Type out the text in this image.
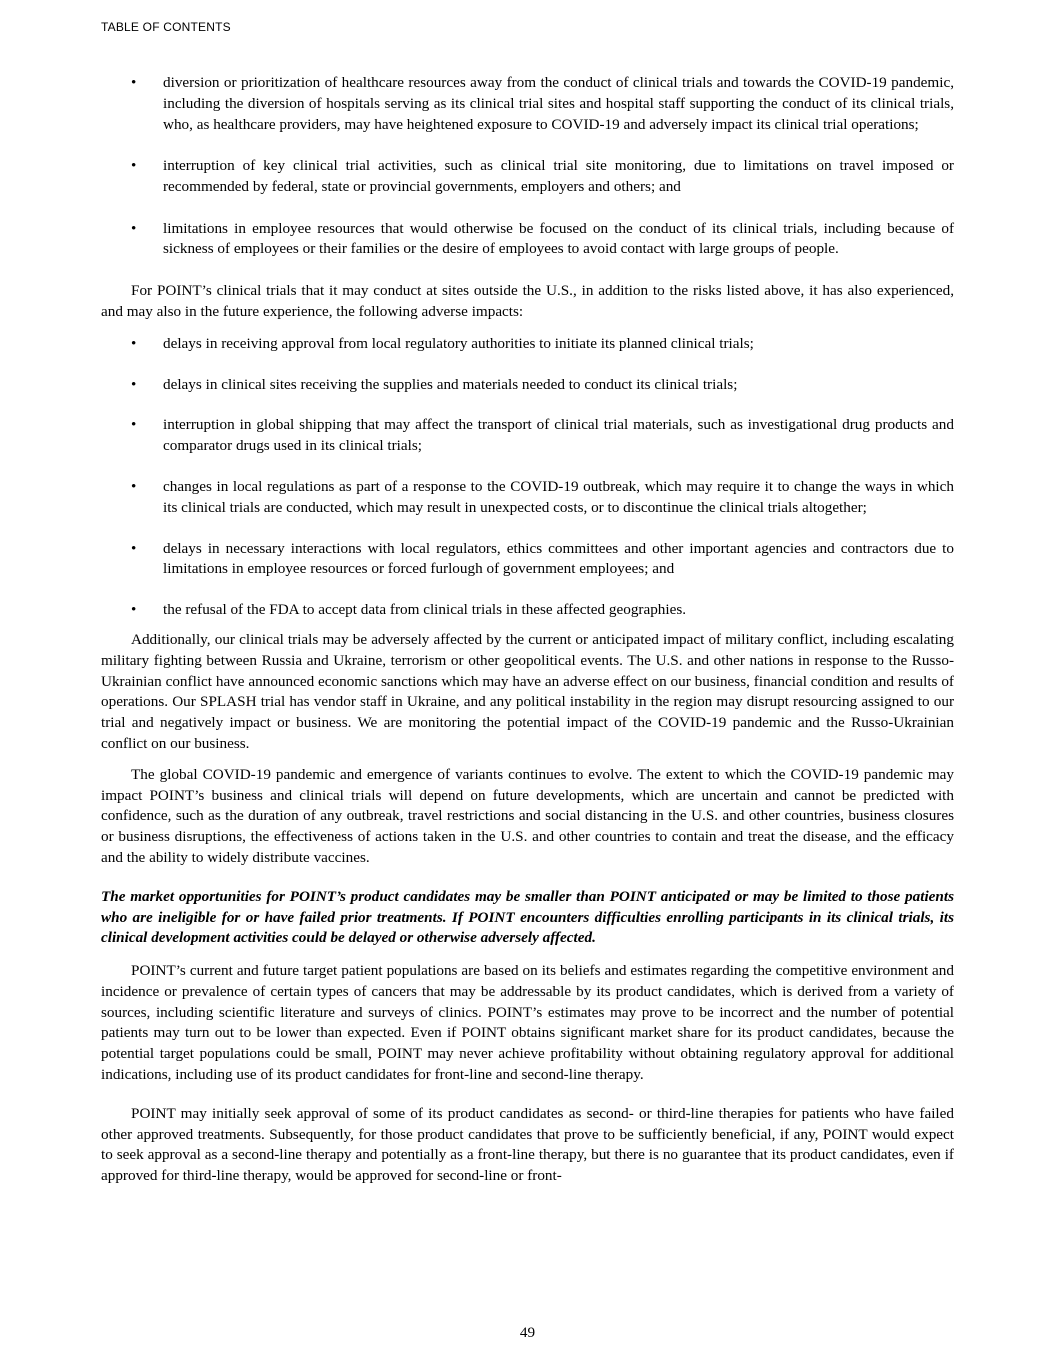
TABLE OF CONTENTS
• diversion or prioritization of healthcare resources away from the conduct of clinical trials and towards the COVID-19 pandemic, including the diversion of hospitals serving as its clinical trial sites and hospital staff supporting the conduct of its clinical trials, who, as healthcare providers, may have heightened exposure to COVID-19 and adversely impact its clinical trial operations;
• interruption of key clinical trial activities, such as clinical trial site monitoring, due to limitations on travel imposed or recommended by federal, state or provincial governments, employers and others; and
• limitations in employee resources that would otherwise be focused on the conduct of its clinical trials, including because of sickness of employees or their families or the desire of employees to avoid contact with large groups of people.

For POINT’s clinical trials that it may conduct at sites outside the U.S., in addition to the risks listed above, it has also experienced, and may also in the future experience, the following adverse impacts:

• delays in receiving approval from local regulatory authorities to initiate its planned clinical trials;
• delays in clinical sites receiving the supplies and materials needed to conduct its clinical trials;
• interruption in global shipping that may affect the transport of clinical trial materials, such as investigational drug products and comparator drugs used in its clinical trials;
• changes in local regulations as part of a response to the COVID-19 outbreak, which may require it to change the ways in which its clinical trials are conducted, which may result in unexpected costs, or to discontinue the clinical trials altogether;
• delays in necessary interactions with local regulators, ethics committees and other important agencies and contractors due to limitations in employee resources or forced furlough of government employees; and
• the refusal of the FDA to accept data from clinical trials in these affected geographies.

Additionally, our clinical trials may be adversely affected by the current or anticipated impact of military conflict, including escalating military fighting between Russia and Ukraine, terrorism or other geopolitical events. The U.S. and other nations in response to the Russo-Ukrainian conflict have announced economic sanctions which may have an adverse effect on our business, financial condition and results of operations. Our SPLASH trial has vendor staff in Ukraine, and any political instability in the region may disrupt resourcing assigned to our trial and negatively impact or business. We are monitoring the potential impact of the COVID-19 pandemic and the Russo-Ukrainian conflict on our business.

The global COVID-19 pandemic and emergence of variants continues to evolve. The extent to which the COVID-19 pandemic may impact POINT’s business and clinical trials will depend on future developments, which are uncertain and cannot be predicted with confidence, such as the duration of any outbreak, travel restrictions and social distancing in the U.S. and other countries, business closures or business disruptions, the effectiveness of actions taken in the U.S. and other countries to contain and treat the disease, and the efficacy and the ability to widely distribute vaccines.

The market opportunities for POINT’s product candidates may be smaller than POINT anticipated or may be limited to those patients who are ineligible for or have failed prior treatments. If POINT encounters difficulties enrolling participants in its clinical trials, its clinical development activities could be delayed or otherwise adversely affected.

POINT’s current and future target patient populations are based on its beliefs and estimates regarding the competitive environment and incidence or prevalence of certain types of cancers that may be addressable by its product candidates, which is derived from a variety of sources, including scientific literature and surveys of clinics. POINT’s estimates may prove to be incorrect and the number of potential patients may turn out to be lower than expected. Even if POINT obtains significant market share for its product candidates, because the potential target populations could be small, POINT may never achieve profitability without obtaining regulatory approval for additional indications, including use of its product candidates for front-line and second-line therapy.

POINT may initially seek approval of some of its product candidates as second- or third-line therapies for patients who have failed other approved treatments. Subsequently, for those product candidates that prove to be sufficiently beneficial, if any, POINT would expect to seek approval as a second-line therapy and potentially as a front-line therapy, but there is no guarantee that its product candidates, even if approved for third-line therapy, would be approved for second-line or front-

49
